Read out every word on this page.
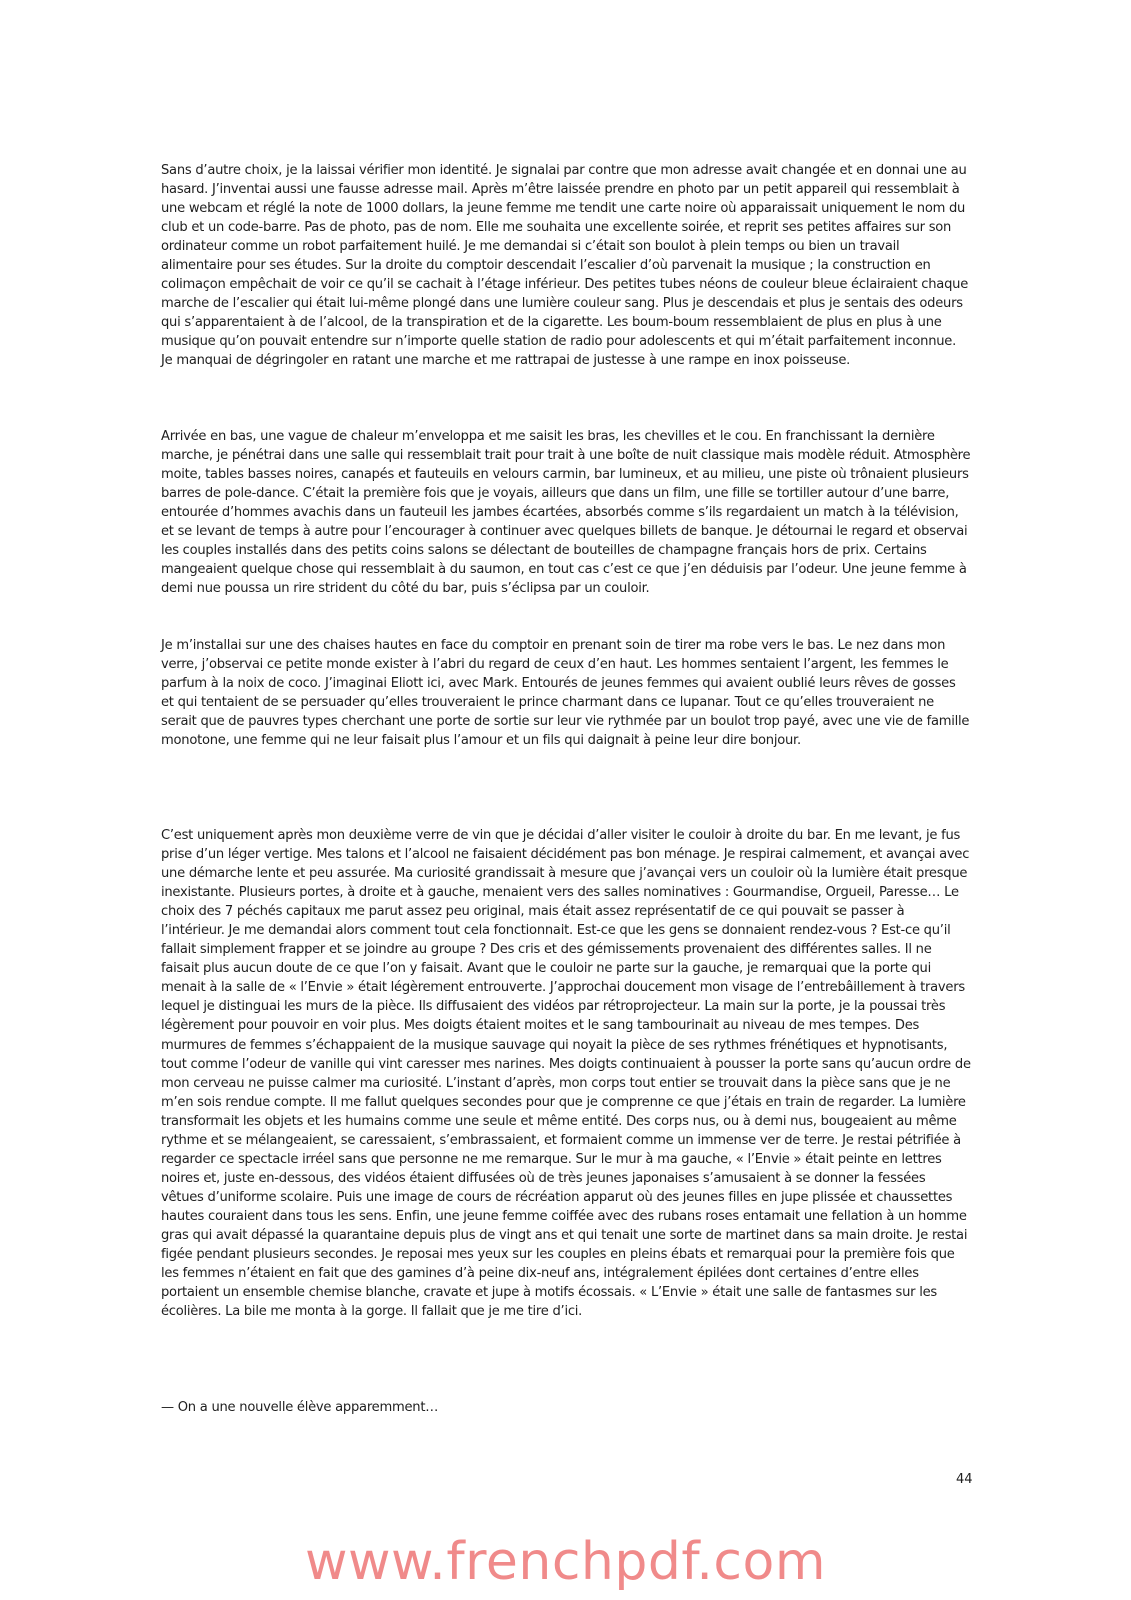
Sans d’autre choix, je la laissai vérifier mon identité. Je signalai par contre que mon adresse avait changée et en donnai une au hasard. J’inventai aussi une fausse adresse mail. Après m’être laissée prendre en photo par un petit appareil qui ressemblait à une webcam et réglé la note de 1000 dollars, la jeune femme me tendit une carte noire où apparaissait uniquement le nom du club et un code-barre. Pas de photo, pas de nom. Elle me souhaita une excellente soirée, et reprit ses petites affaires sur son ordinateur comme un robot parfaitement huilé. Je me demandai si c’était son boulot à plein temps ou bien un travail alimentaire pour ses études. Sur la droite du comptoir descendait l’escalier d’où parvenait la musique ; la construction en colimaçon empêchait de voir ce qu’il se cachait à l’étage inférieur. Des petites tubes néons de couleur bleue éclairaient chaque marche de l’escalier qui était lui-même plongé dans une lumière couleur sang. Plus je descendais et plus je sentais des odeurs qui s’apparentaient à de l’alcool, de la transpiration et de la cigarette. Les boum-boum ressemblaient de plus en plus à une musique qu’on pouvait entendre sur n’importe quelle station de radio pour adolescents et qui m’était parfaitement inconnue. Je manquai de dégringoler en ratant une marche et me rattrapai de justesse à une rampe en inox poisseuse.

Arrivée en bas, une vague de chaleur m’enveloppa et me saisit les bras, les chevilles et le cou. En franchissant la dernière marche, je pénétrai dans une salle qui ressemblait trait pour trait à une boîte de nuit classique mais modèle réduit. Atmosphère moite, tables basses noires, canapés et fauteuils en velours carmin, bar lumineux, et au milieu, une piste où trônaient plusieurs barres de pole-dance. C’était la première fois que je voyais, ailleurs que dans un film, une fille se tortiller autour d’une barre, entourée d’hommes avachis dans un fauteuil les jambes écartées, absorbés comme s’ils regardaient un match à la télévision, et se levant de temps à autre pour l’encourager à continuer avec quelques billets de banque. Je détournai le regard et observai les couples installés dans des petits coins salons se délectant de bouteilles de champagne français hors de prix. Certains mangeaient quelque chose qui ressemblait à du saumon, en tout cas c’est ce que j’en déduisis par l’odeur. Une jeune femme à demi nue poussa un rire strident du côté du bar, puis s’éclipsa par un couloir.

Je m’installai sur une des chaises hautes en face du comptoir en prenant soin de tirer ma robe vers le bas. Le nez dans mon verre, j’observai ce petite monde exister à l’abri du regard de ceux d’en haut. Les hommes sentaient l’argent, les femmes le parfum à la noix de coco. J’imaginai Eliott ici, avec Mark. Entourés de jeunes femmes qui avaient oublié leurs rêves de gosses et qui tentaient de se persuader qu’elles trouveraient le prince charmant dans ce lupanar. Tout ce qu’elles trouveraient ne serait que de pauvres types cherchant une porte de sortie sur leur vie rythmée par un boulot trop payé, avec une vie de famille monotone, une femme qui ne leur faisait plus l’amour et un fils qui daignait à peine leur dire bonjour.

C’est uniquement après mon deuxième verre de vin que je décidai d’aller visiter le couloir à droite du bar. En me levant, je fus prise d’un léger vertige. Mes talons et l’alcool ne faisaient décidément pas bon ménage. Je respirai calmement, et avançai avec une démarche lente et peu assurée. Ma curiosité grandissait à mesure que j’avançai vers un couloir où la lumière était presque inexistante. Plusieurs portes, à droite et à gauche, menaient vers des salles nominatives : Gourmandise, Orgueil, Paresse… Le choix des 7 péchés capitaux me parut assez peu original, mais était assez représentatif de ce qui pouvait se passer à l’intérieur. Je me demandai alors comment tout cela fonctionnait. Est-ce que les gens se donnaient rendez-vous ? Est-ce qu’il fallait simplement frapper et se joindre au groupe ? Des cris et des gémissements provenaient des différentes salles. Il ne faisait plus aucun doute de ce que l’on y faisait. Avant que le couloir ne parte sur la gauche, je remarquai que la porte qui menait à la salle de « l’Envie » était légèrement entrouverte. J’approchai doucement mon visage de l’entrebâillement à travers lequel je distinguai les murs de la pièce. Ils diffusaient des vidéos par rétroprojecteur. La main sur la porte, je la poussai très légèrement pour pouvoir en voir plus. Mes doigts étaient moites et le sang tambourinait au niveau de mes tempes. Des murmures de femmes s’échappaient de la musique sauvage qui noyait la pièce de ses rythmes frénétiques et hypnotisants, tout comme l’odeur de vanille qui vint caresser mes narines. Mes doigts continuaient à pousser la porte sans qu’aucun ordre de mon cerveau ne puisse calmer ma curiosité. L’instant d’après, mon corps tout entier se trouvait dans la pièce sans que je ne m’en sois rendue compte. Il me fallut quelques secondes pour que je comprenne ce que j’étais en train de regarder. La lumière transformait les objets et les humains comme une seule et même entité. Des corps nus, ou à demi nus, bougeaient au même rythme et se mélangeaient, se caressaient, s’embrassaient, et formaient comme un immense ver de terre. Je restai pétrifiée à regarder ce spectacle irréel sans que personne ne me remarque. Sur le mur à ma gauche, « l’Envie » était peinte en lettres noires et, juste en-dessous, des vidéos étaient diffusées où de très jeunes japonaises s’amusaient à se donner la fessées vêtues d’uniforme scolaire. Puis une image de cours de récréation apparut où des jeunes filles en jupe plissée et chaussettes hautes couraient dans tous les sens. Enfin, une jeune femme coiffée avec des rubans roses entamait une fellation à un homme gras qui avait dépassé la quarantaine depuis plus de vingt ans et qui tenait une sorte de martinet dans sa main droite. Je restai figée pendant plusieurs secondes. Je reposai mes yeux sur les couples en pleins ébats et remarquai pour la première fois que les femmes n’étaient en fait que des gamines d’à peine dix-neuf ans, intégralement épilées dont certaines d’entre elles portaient un ensemble chemise blanche, cravate et jupe à motifs écossais. « L’Envie » était une salle de fantasmes sur les écolières. La bile me monta à la gorge. Il fallait que je me tire d’ici.

— On a une nouvelle élève apparemment…

44
www.frenchpdf.com
